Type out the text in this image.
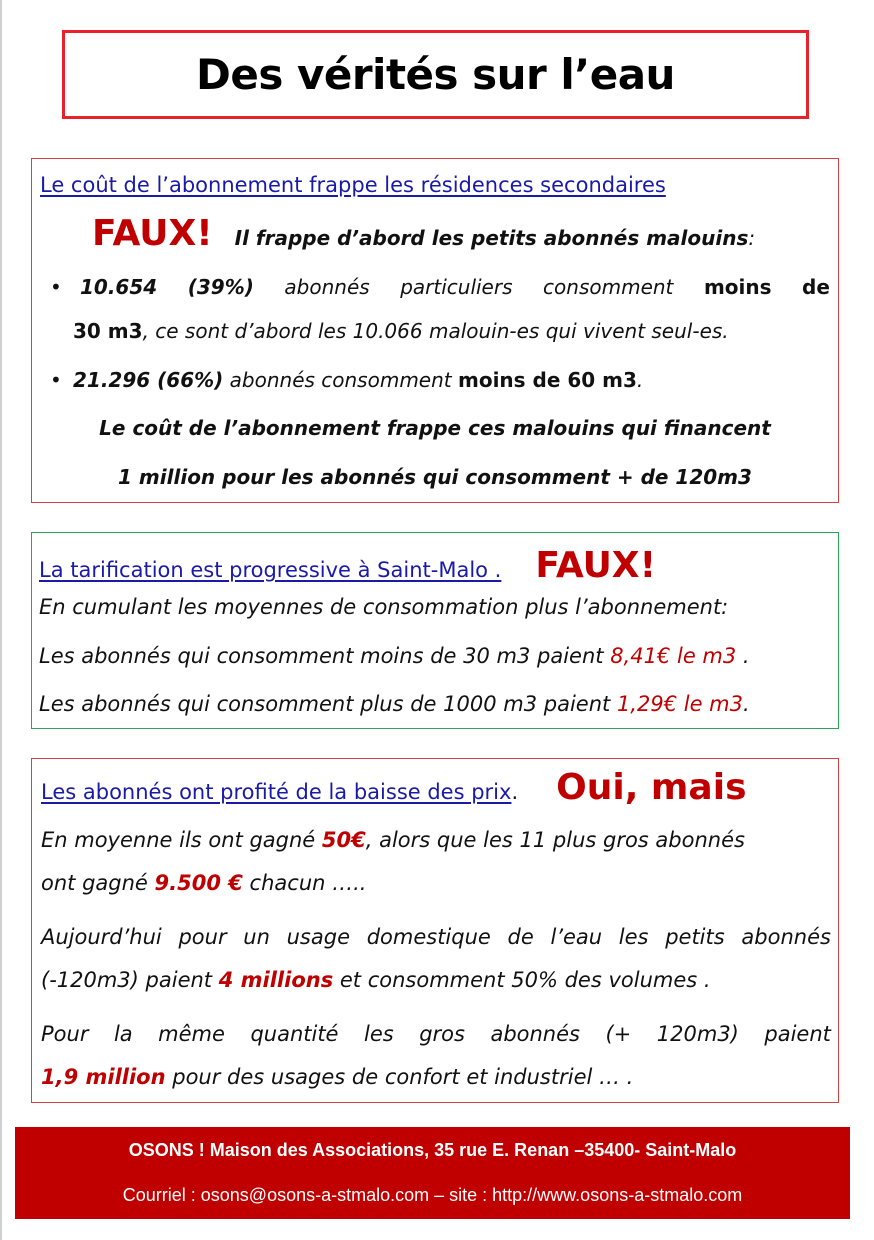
Des vérités sur l’eau
Le coût de l’abonnement frappe les résidences secondaires
FAUX! Il frappe d’abord les petits abonnés malouins:
• 10.654 (39%) abonnés particuliers consomment moins de
30 m3, ce sont d’abord les 10.066 malouin-es qui vivent seul-es.
• 21.296 (66%) abonnés consomment moins de 60 m3.
Le coût de l’abonnement frappe ces malouins qui financent
1 million pour les abonnés qui consomment + de 120m3
La tarification est progressive à Saint-Malo . FAUX!
En cumulant les moyennes de consommation plus l’abonnement:
Les abonnés qui consomment moins de 30 m3 paient 8,41€ le m3 .
Les abonnés qui consomment plus de 1000 m3 paient 1,29€ le m3.
Les abonnés ont profité de la baisse des prix . Oui, mais
En moyenne ils ont gagné 50€, alors que les 11 plus gros abonnés
ont gagné 9.500 € chacun …..
Aujourd’hui pour un usage domestique de l’eau les petits abonnés
(-120m3) paient 4 millions et consomment 50% des volumes .
Pour la même quantité les gros abonnés (+ 120m3) paient
1,9 million pour des usages de confort et industriel … .
OSONS ! Maison des Associations, 35 rue E. Renan –35400- Saint-Malo
Courriel : osons@osons-a-stmalo.com – site : http://www.osons-a-stmalo.com
